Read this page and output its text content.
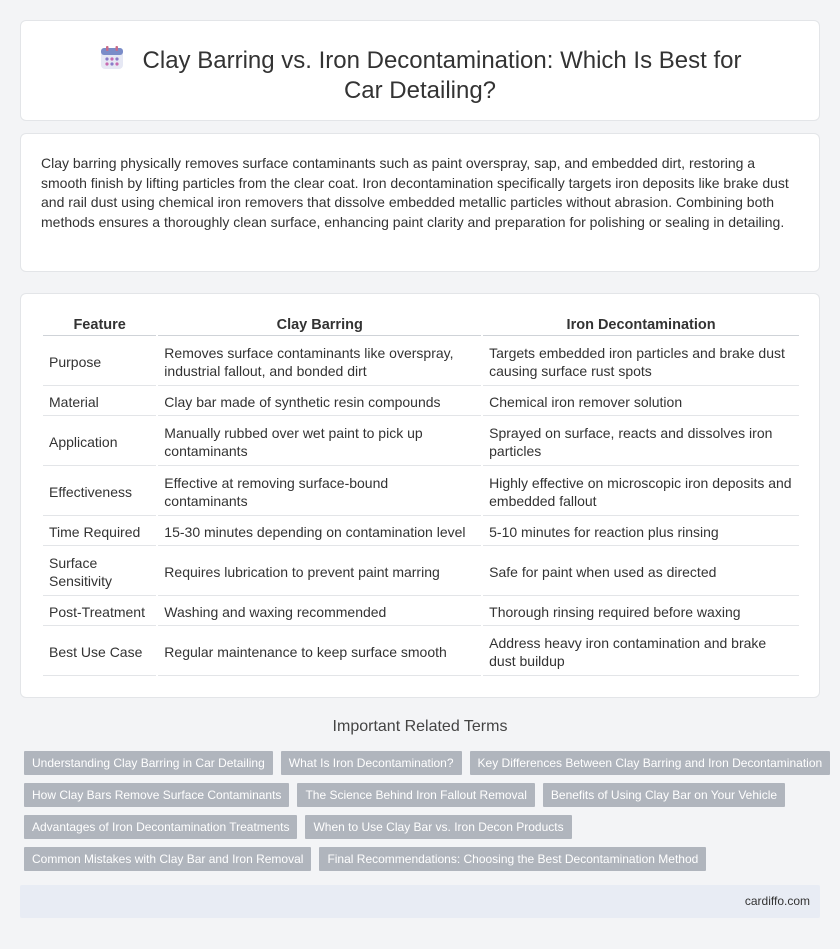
Clay Barring vs. Iron Decontamination: Which Is Best for Car Detailing?

Clay barring physically removes surface contaminants such as paint overspray, sap, and embedded dirt, restoring a smooth finish by lifting particles from the clear coat. Iron decontamination specifically targets iron deposits like brake dust and rail dust using chemical iron removers that dissolve embedded metallic particles without abrasion. Combining both methods ensures a thoroughly clean surface, enhancing paint clarity and preparation for polishing or sealing in detailing.

Feature	Clay Barring	Iron Decontamination
Purpose	Removes surface contaminants like overspray, industrial fallout, and bonded dirt	Targets embedded iron particles and brake dust causing surface rust spots
Material	Clay bar made of synthetic resin compounds	Chemical iron remover solution
Application	Manually rubbed over wet paint to pick up contaminants	Sprayed on surface, reacts and dissolves iron particles
Effectiveness	Effective at removing surface-bound contaminants	Highly effective on microscopic iron deposits and embedded fallout
Time Required	15-30 minutes depending on contamination level	5-10 minutes for reaction plus rinsing
Surface Sensitivity	Requires lubrication to prevent paint marring	Safe for paint when used as directed
Post-Treatment	Washing and waxing recommended	Thorough rinsing required before waxing
Best Use Case	Regular maintenance to keep surface smooth	Address heavy iron contamination and brake dust buildup
Important Related Terms
Understanding Clay Barring in Car Detailing	What Is Iron Decontamination?	Key Differences Between Clay Barring and Iron Decontamination
How Clay Bars Remove Surface Contaminants	The Science Behind Iron Fallout Removal	Benefits of Using Clay Bar on Your Vehicle
Advantages of Iron Decontamination Treatments	When to Use Clay Bar vs. Iron Decon Products
Common Mistakes with Clay Bar and Iron Removal	Final Recommendations: Choosing the Best Decontamination Method
cardiffo.com
